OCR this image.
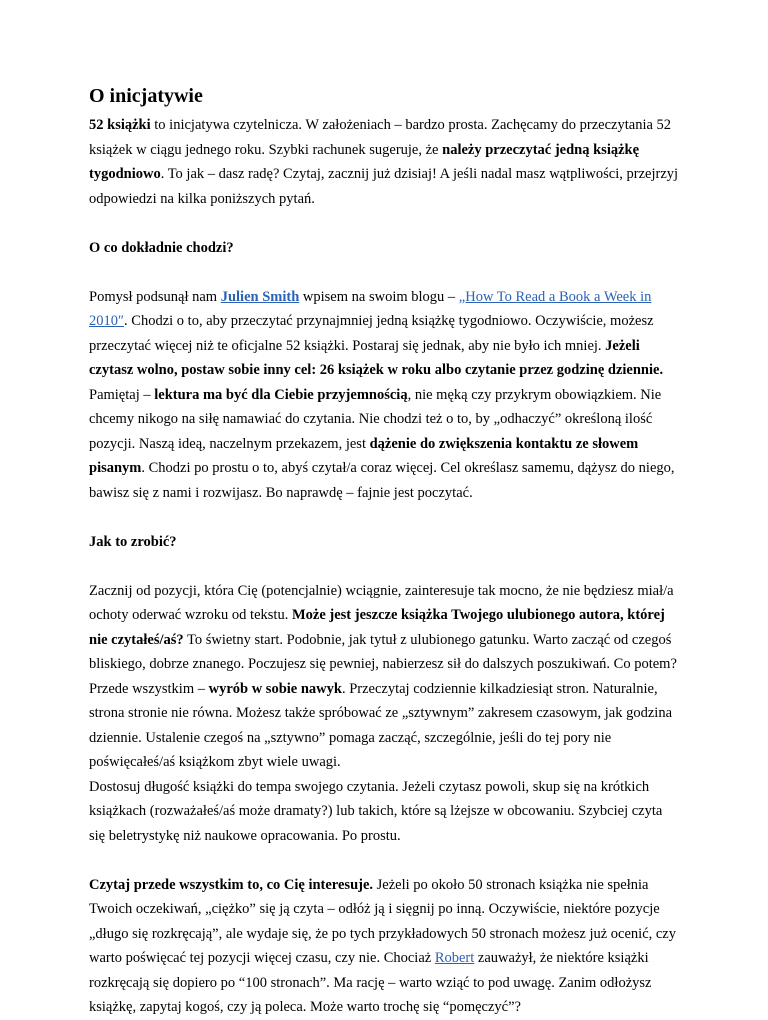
O inicjatywie

52 książki to inicjatywa czytelnicza. W założeniach – bardzo prosta. Zachęcamy do przeczytania 52 książek w ciągu jednego roku. Szybki rachunek sugeruje, że należy przeczytać jedną książkę tygodniowo. To jak – dasz radę? Czytaj, zacznij już dzisiaj! A jeśli nadal masz wątpliwości, przejrzyj odpowiedzi na kilka poniższych pytań.

O co dokładnie chodzi?

Pomysł podsunął nam Julien Smith wpisem na swoim blogu – „How To Read a Book a Week in 2010″. Chodzi o to, aby przeczytać przynajmniej jedną książkę tygodniowo. Oczywiście, możesz przeczytać więcej niż te oficjalne 52 książki. Postaraj się jednak, aby nie było ich mniej. Jeżeli czytasz wolno, postaw sobie inny cel: 26 książek w roku albo czytanie przez godzinę dziennie. Pamiętaj – lektura ma być dla Ciebie przyjemnością, nie męką czy przykrym obowiązkiem. Nie chcemy nikogo na siłę namawiać do czytania. Nie chodzi też o to, by „odhaczyć” określoną ilość pozycji. Naszą ideą, naczelnym przekazem, jest dążenie do zwiększenia kontaktu ze słowem pisanym. Chodzi po prostu o to, abyś czytał/a coraz więcej. Cel określasz samemu, dążysz do niego, bawisz się z nami i rozwijasz. Bo naprawdę – fajnie jest poczytać.

Jak to zrobić?

Zacznij od pozycji, która Cię (potencjalnie) wciągnie, zainteresuje tak mocno, że nie będziesz miał/a ochoty oderwać wzroku od tekstu. Może jest jeszcze książka Twojego ulubionego autora, której nie czytałeś/aś? To świetny start. Podobnie, jak tytuł z ulubionego gatunku. Warto zacząć od czegoś bliskiego, dobrze znanego. Poczujesz się pewniej, nabierzesz sił do dalszych poszukiwań. Co potem? Przede wszystkim – wyrób w sobie nawyk. Przeczytaj codziennie kilkadziesiąt stron. Naturalnie, strona stronie nie równa. Możesz także spróbować ze „sztywnym” zakresem czasowym, jak godzina dziennie. Ustalenie czegoś na „sztywno” pomaga zacząć, szczególnie, jeśli do tej pory nie poświęcałeś/aś książkom zbyt wiele uwagi.

Dostosuj długość książki do tempa swojego czytania. Jeżeli czytasz powoli, skup się na krótkich książkach (rozważałeś/aś może dramaty?) lub takich, które są lżejsze w obcowaniu. Szybciej czyta się beletrystykę niż naukowe opracowania. Po prostu.

Czytaj przede wszystkim to, co Cię interesuje. Jeżeli po około 50 stronach książka nie spełnia Twoich oczekiwań, „ciężko” się ją czyta – odłóż ją i sięgnij po inną. Oczywiście, niektóre pozycje „długo się rozkręcają”, ale wydaje się, że po tych przykładowych 50 stronach możesz już ocenić, czy warto poświęcać tej pozycji więcej czasu, czy nie. Chociaż Robert zauważył, że niektóre książki rozkręcają się dopiero po “100 stronach”. Ma rację – warto wziąć to pod uwagę. Zanim odłożysz książkę, zapytaj kogoś, czy ją poleca. Może warto trochę się “pomęczyć”?
